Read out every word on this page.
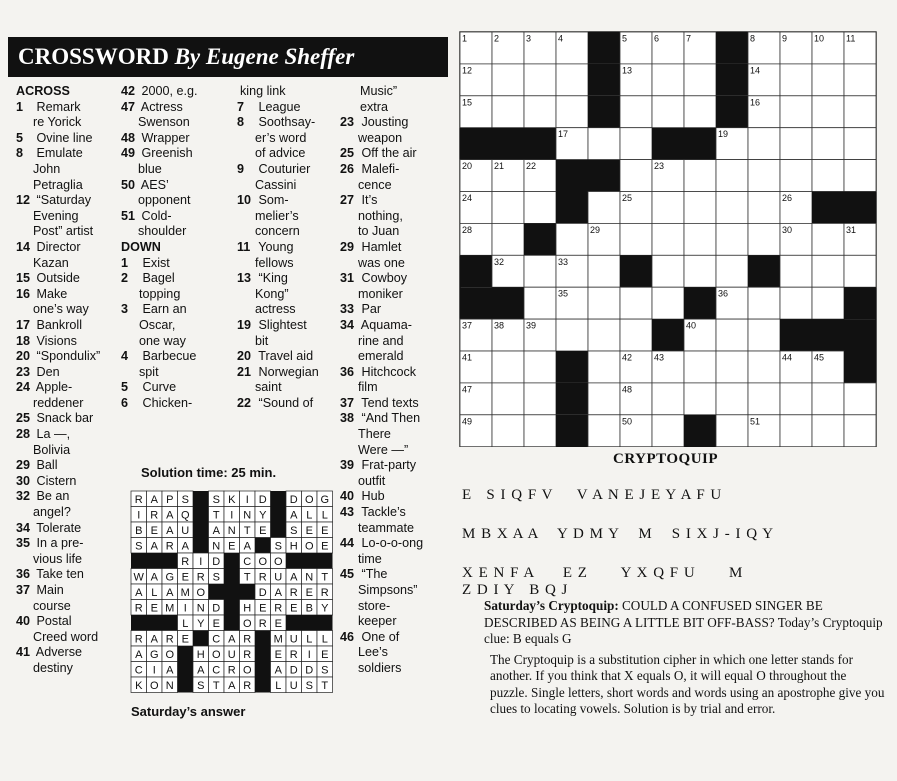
CROSSWORD By Eugene Sheffer

ACROSS

1 Remark

re Yorick

5 Ovine line

8 Emulate

John

Petraglia

12 “Saturday

Evening

Post” artist

14 Director

Kazan

15 Outside

16 Make

one’s way

17 Bankroll

18 Visions

20 “Spondulix”

23 Den

24 Apple-

reddener

25 Snack bar

28 La —,

Bolivia

29 Ball

30 Cistern

32 Be an

angel?

34 Tolerate

35 In a pre-

vious life

36 Take ten

37 Main

course

40 Postal

Creed word

41 Adverse

destiny

42 2000, e.g.

47 Actress

Swenson

48 Wrapper

49 Greenish

blue

50 AES’

opponent

51 Cold-

shoulder

DOWN

1 Exist

2 Bagel

topping

3 Earn an

Oscar,

one way

4 Barbecue

spit

5 Curve

6 Chicken-

king link

7 League

8 Soothsay-

er’s word

of advice

9 Couturier

Cassini

10 Som-

melier’s

concern

11 Young

fellows

13 “King

Kong”

actress

19 Slightest

bit

20 Travel aid

21 Norwegian

saint

22 “Sound of

Music”

extra

23 Jousting

weapon

25 Off the air

26 Malefi-

cence

27 It’s

nothing,

to Juan

29 Hamlet

was one

31 Cowboy

moniker

33 Par

34 Aquama-

rine and

emerald

36 Hitchcock

film

37 Tend texts

38 “And Then

There

Were —”

39 Frat-party

outfit

40 Hub

43 Tackle’s

teammate

44 Lo-o-o-ong

time

45 “The

Simpsons”

store-

keeper

46 One of

Lee’s

soldiers

Solution time: 25 min.
R A P S S K I D D O G
I R A Q T I N Y A L L
B E A U A N T E S E E
S A R A N E A S H O E
R I D C O O
W A G E R S T R U A N T
A L A M O	D A R E R
R E M I N D H E R E B Y
L Y E O R E
R A R E C A R M U L L
A G O H O U R E R I E
C I A A C R O A D D S
K O N S T A R L U S T
Saturday’s answer
1	2	3	4	5	6	7	8	9	10 11
12	13	14
15	16
17	19
20 21 22	23
24	25	26
28	29	30	31
32	33
35	36
37 38 39	40
41	42 43	44 45
47	48
49	50	51
CRYPTOQUIP
E   S I Q F V     V A N E J E Y A F U
M B X A A    Y D M Y    M    S I X J - I Q Y
X E N F A      E Z       Y X Q F U       M
Z D I Y   B Q J

Saturday’s Cryptoquip: COULD A CONFUSED SINGER BE DESCRIBED AS BEING A LITTLE BIT OFF-BASS? Today’s Cryptoquip clue: B equals G

The Cryptoquip is a substitution cipher in which one letter stands for another. If you think that X equals O, it will equal O throughout the puzzle. Single letters, short words and words using an apostrophe give you clues to locating vowels. Solution is by trial and error.
